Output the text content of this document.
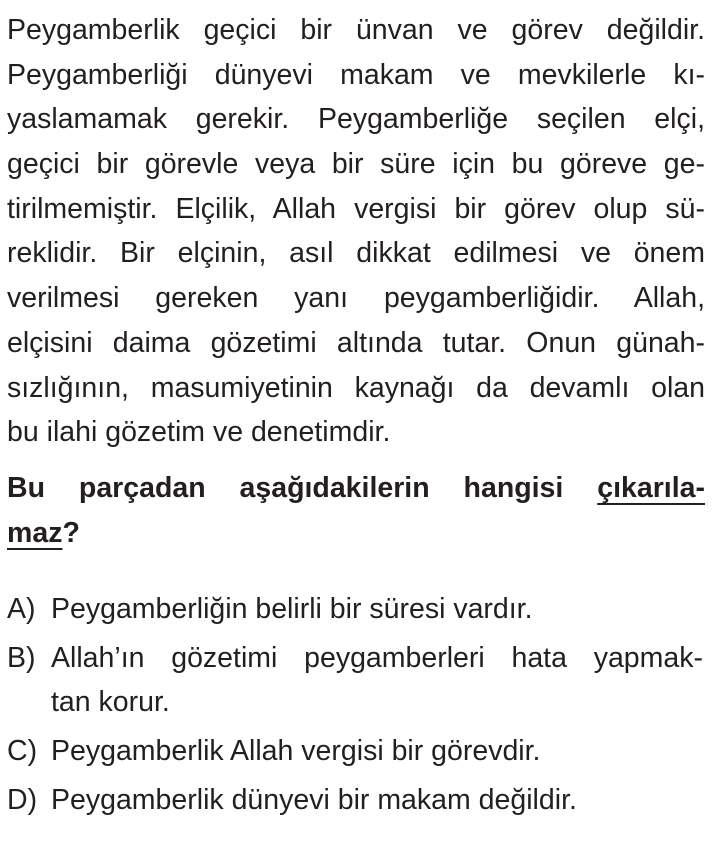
Peygamberlik geçici bir ünvan ve görev değildir.
Peygamberliği dünyevi makam ve mevkilerle kı-
yaslamamak gerekir. Peygamberliğe seçilen elçi,
geçici bir görevle veya bir süre için bu göreve ge-
tirilmemiştir. Elçilik, Allah vergisi bir görev olup sü-
reklidir. Bir elçinin, asıl dikkat edilmesi ve önem
verilmesi gereken yanı peygamberliğidir. Allah,
elçisini daima gözetimi altında tutar. Onun günah-
sızlığının, masumiyetinin kaynağı da devamlı olan
bu ilahi gözetim ve denetimdir.
Bu parçadan aşağıdakilerin hangisi çıkarıla-
maz?
A) Peygamberliğin belirli bir süresi vardır.
B) Allah’ın gözetimi peygamberleri hata yapmak-
tan korur.
C) Peygamberlik Allah vergisi bir görevdir.
D) Peygamberlik dünyevi bir makam değildir.
